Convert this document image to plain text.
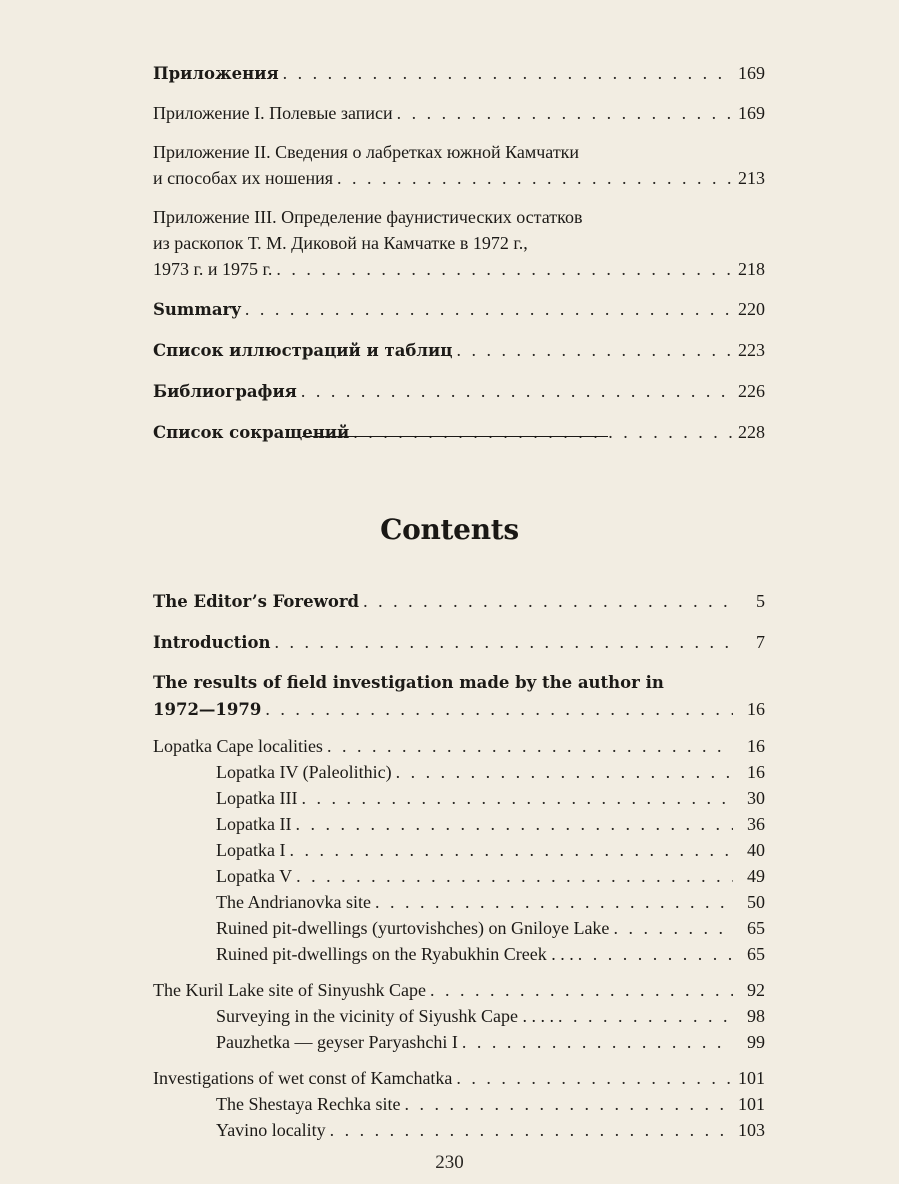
Приложения . . .	169
Приложение I. Полевые записи . . .	169
Приложение II. Сведения о лабретках южной Камчатки
и способах их ношения . . .	213
Приложение III. Определение фаунистических остатков
из раскопок Т. М. Диковой на Камчатке в 1972 г.,
1973 г. и 1975 г. . . .	218
Summary . . .	220
Список иллюстраций и таблиц . . .	223
Библиография . . .	226
Список сокращений . . .	228
Contents
The Editor’s Foreword . . .	5
Introduction . . .	7
The results of field investigation made by the author in
1972—1979 . . .	16
Lopatka Cape localities . . .	16
Lopatka IV (Paleolithic) . . .	16
Lopatka III . . .	30
Lopatka II . . .	36
Lopatka I . . .	40
Lopatka V . . .	49
The Andrianovka site . . .	50
Ruined pit-dwellings (yurtovishches) on Gniloye Lake . . .	65
Ruined pit-dwellings on the Ryabukhin Creek . . . . . .	65
The Kuril Lake site of Sinyushk Cape . . .	92
Surveying in the vicinity of Siyushk Cape . . . . . . .	98
Pauzhetka — geyser Paryashchi I . . .	99
Investigations of wet const of Kamchatka . . .	101
The Shestaya Rechka site . . .	101
Yavino locality . . .	103
230
